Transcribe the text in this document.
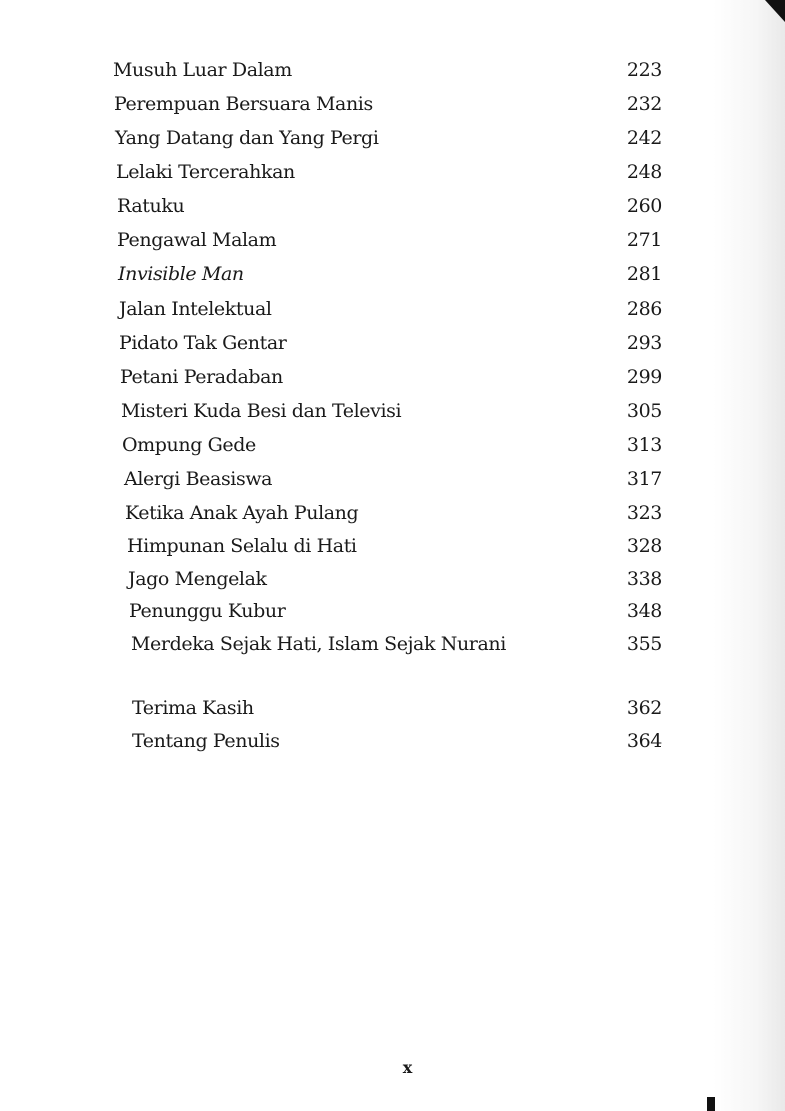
Musuh Luar Dalam	223
Perempuan Bersuara Manis	232
Yang Datang dan Yang Pergi	242
Lelaki Tercerahkan	248
Ratuku	260
Pengawal Malam	271
Invisible Man	281
Jalan Intelektual	286
Pidato Tak Gentar	293
Petani Peradaban	299
Misteri Kuda Besi dan Televisi	305
Ompung Gede	313
Alergi Beasiswa	317
Ketika Anak Ayah Pulang	323
Himpunan Selalu di Hati	328
Jago Mengelak	338
Penunggu Kubur	348
Merdeka Sejak Hati, Islam Sejak Nurani	355
Terima Kasih	362
Tentang Penulis	364
x
